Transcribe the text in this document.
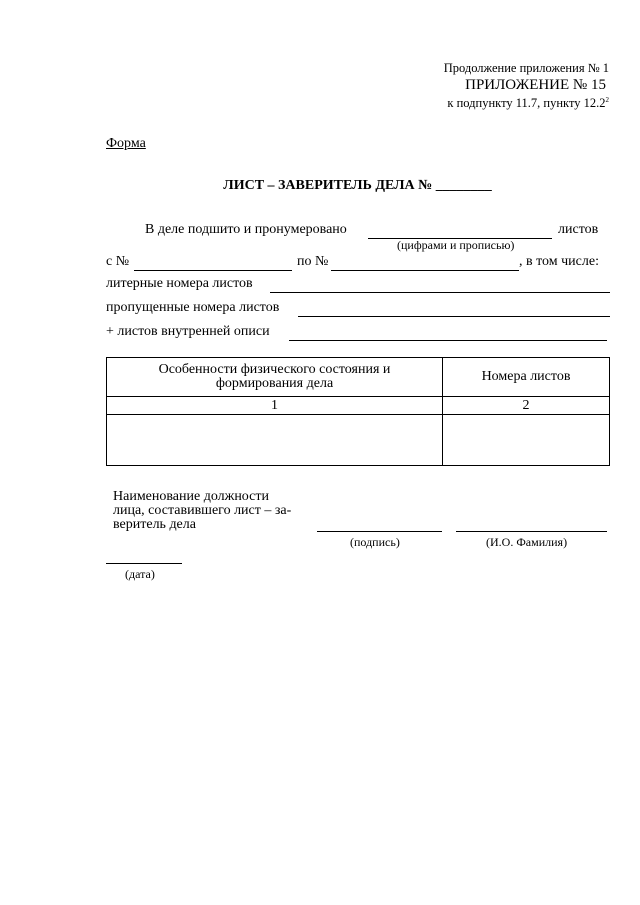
Продолжение приложения № 1
ПРИЛОЖЕНИЕ № 15
к подпункту 11.7, пункту 12.2$^2$
Форма
ЛИСТ – ЗАВЕРИТЕЛЬ ДЕЛА № ________
В деле подшито и пронумеровано	листов
(цифрами и прописью)
с №	по №	, в том числе:
литерные номера листов
пропущенные номера листов
+ листов внутренней описи
Особенности физического состояния и
формирования дела	Номера листов
1	2

Наименование должности
лица, составившего лист – за-
веритель дела
(подпись)	(И.О. Фамилия)
(дата)
